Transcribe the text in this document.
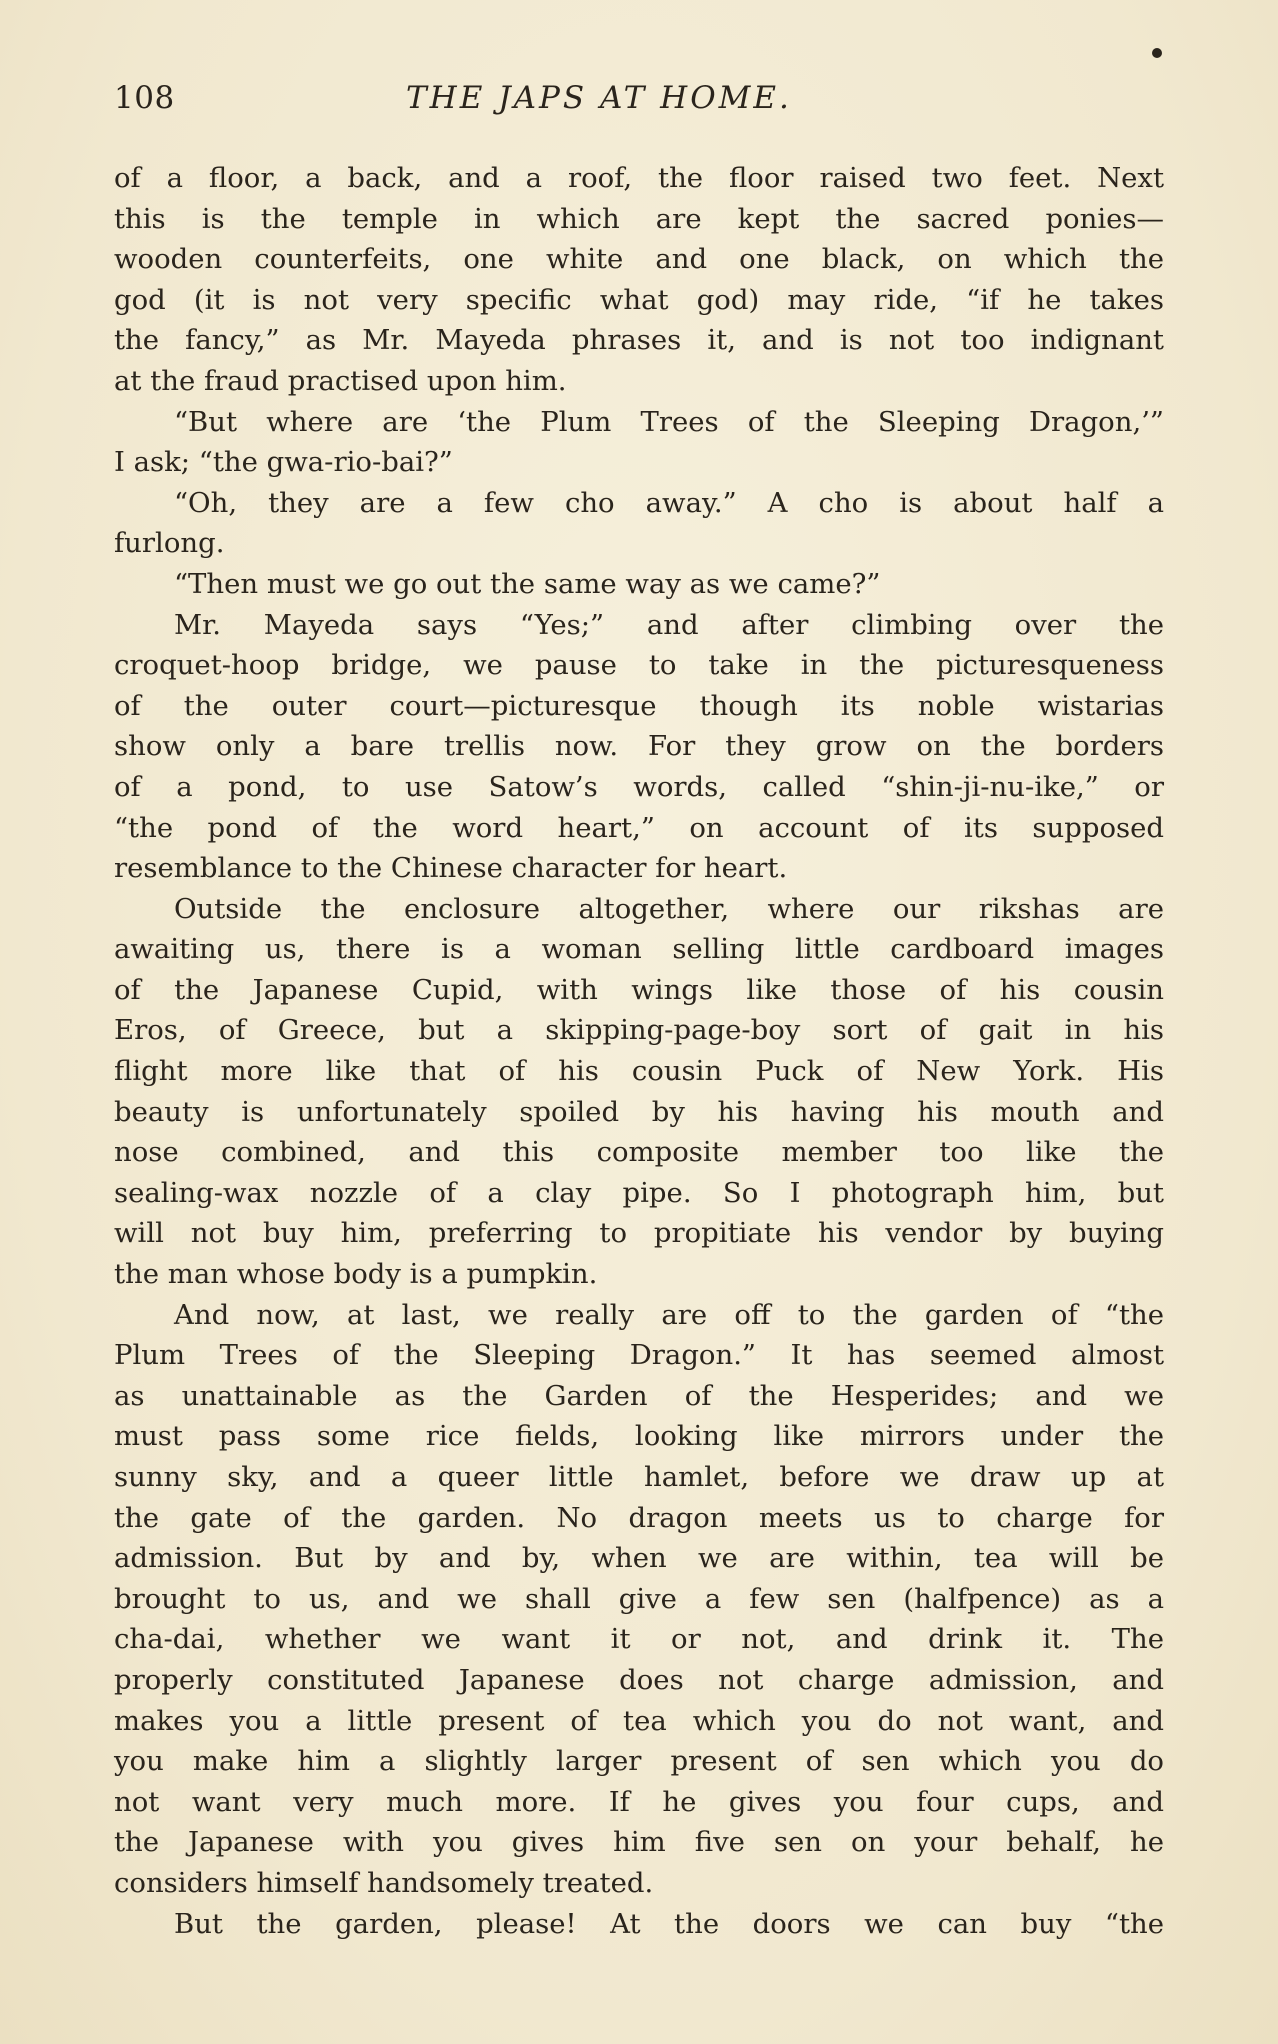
108	THE JAPS AT HOME.
of a floor, a back, and a roof, the floor raised two feet. Next
this is the temple in which are kept the sacred ponies—
wooden counterfeits, one white and one black, on which the
god (it is not very specific what god) may ride, “if he takes
the fancy,” as Mr. Mayeda phrases it, and is not too indignant
at the fraud practised upon him.
“But where are ‘the Plum Trees of the Sleeping Dragon,’”
I ask; “the gwa-rio-bai?”
“Oh, they are a few cho away.” A cho is about half a
furlong.
“Then must we go out the same way as we came?”
Mr. Mayeda says “Yes;” and after climbing over the
croquet-hoop bridge, we pause to take in the picturesqueness
of the outer court—picturesque though its noble wistarias
show only a bare trellis now. For they grow on the borders
of a pond, to use Satow’s words, called “shin-ji-nu-ike,” or
“the pond of the word heart,” on account of its supposed
resemblance to the Chinese character for heart.
Outside the enclosure altogether, where our rikshas are
awaiting us, there is a woman selling little cardboard images
of the Japanese Cupid, with wings like those of his cousin
Eros, of Greece, but a skipping-page-boy sort of gait in his
flight more like that of his cousin Puck of New York. His
beauty is unfortunately spoiled by his having his mouth and
nose combined, and this composite member too like the
sealing-wax nozzle of a clay pipe. So I photograph him, but
will not buy him, preferring to propitiate his vendor by buying
the man whose body is a pumpkin.
And now, at last, we really are off to the garden of “the
Plum Trees of the Sleeping Dragon.” It has seemed almost
as unattainable as the Garden of the Hesperides; and we
must pass some rice fields, looking like mirrors under the
sunny sky, and a queer little hamlet, before we draw up at
the gate of the garden. No dragon meets us to charge for
admission. But by and by, when we are within, tea will be
brought to us, and we shall give a few sen (halfpence) as a
cha-dai, whether we want it or not, and drink it. The
properly constituted Japanese does not charge admission, and
makes you a little present of tea which you do not want, and
you make him a slightly larger present of sen which you do
not want very much more. If he gives you four cups, and
the Japanese with you gives him five sen on your behalf, he
considers himself handsomely treated.
But the garden, please! At the doors we can buy “the
